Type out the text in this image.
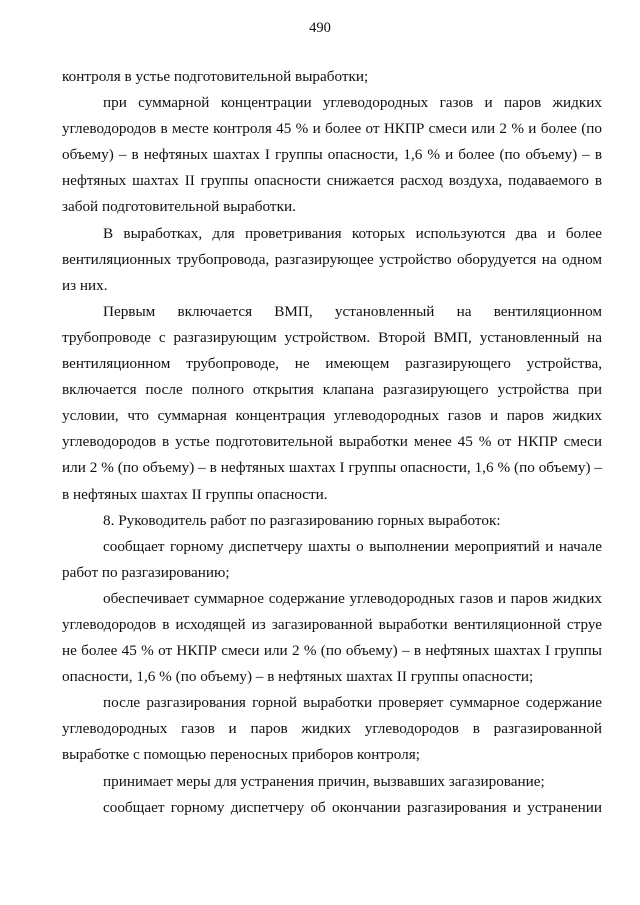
490

контроля в устье подготовительной выработки;

при суммарной концентрации углеводородных газов и паров жидких углеводородов в месте контроля 45 % и более от НКПР смеси или 2 % и более (по объему) – в нефтяных шахтах I группы опасности, 1,6 % и более (по объему) – в нефтяных шахтах II группы опасности снижается расход воздуха, подаваемого в забой подготовительной выработки.

В выработках, для проветривания которых используются два и более вентиляционных трубопровода, разгазирующее устройство оборудуется на одном из них.

Первым включается ВМП, установленный на вентиляционном трубопроводе с разгазирующим устройством. Второй ВМП, установленный на вентиляционном трубопроводе, не имеющем разгазирующего устройства, включается после полного открытия клапана разгазирующего устройства при условии, что суммарная концентрация углеводородных газов и паров жидких углеводородов в устье подготовительной выработки менее 45 % от НКПР смеси или 2 % (по объему) – в нефтяных шахтах I группы опасности, 1,6 % (по объему) – в нефтяных шахтах II группы опасности.

8. Руководитель работ по разгазированию горных выработок:

сообщает горному диспетчеру шахты о выполнении мероприятий и начале работ по разгазированию;

обеспечивает суммарное содержание углеводородных газов и паров жидких углеводородов в исходящей из загазированной выработки вентиляционной струе не более 45 % от НКПР смеси или 2 % (по объему) – в нефтяных шахтах I группы опасности, 1,6 % (по объему) – в нефтяных шахтах II группы опасности;

после разгазирования горной выработки проверяет суммарное содержание углеводородных газов и паров жидких углеводородов в разгазированной выработке с помощью переносных приборов контроля;

принимает меры для устранения причин, вызвавших загазирование;

сообщает горному диспетчеру об окончании разгазирования и устранении
